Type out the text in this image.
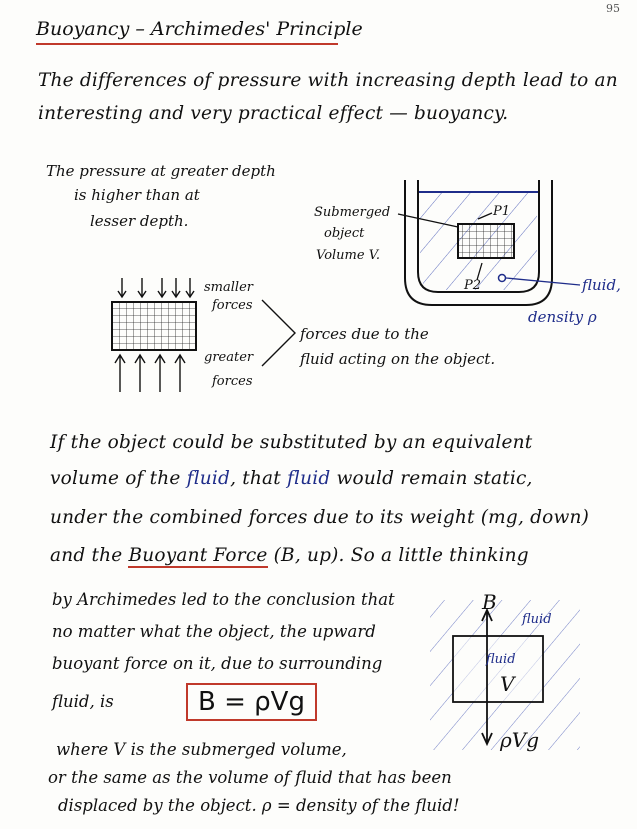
95
Buoyancy – Archimedes' Principle
The differences of pressure with increasing depth lead to an
interesting and very practical effect — buoyancy.
The pressure at greater depth
is higher than at
lesser depth.	Submerged
object
Volume V.
P1
P2	fluid,
density ρ
smaller
forces
greater
forces
forces due to the
fluid acting on the object.
If the object could be substituted by an equivalent
volume of the fluid, that fluid would remain static,
under the combined forces due to its weight (mg, down)
and the Buoyant Force (B, up). So a little thinking
by Archimedes led to the conclusion that
no matter what the object, the upward
buoyant force on it, due to surrounding
fluid, is	B = ρVg
B
fluid
fluid
V
ρVg
where V is the submerged volume,
or the same as the volume of fluid that has been
displaced by the object. ρ = density of the fluid!
